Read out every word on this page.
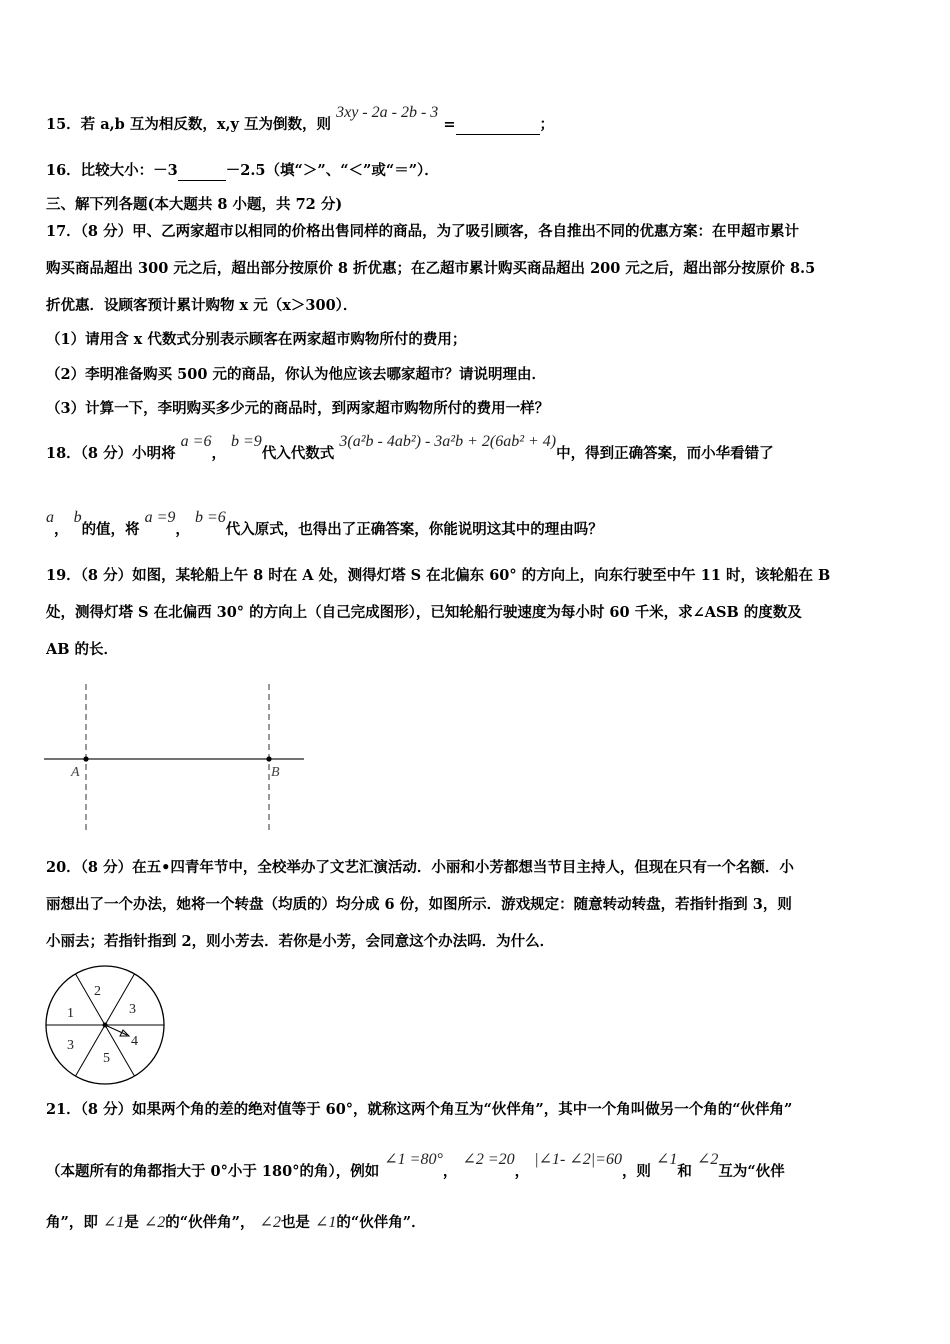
15．若 a,b 互为相反数，x,y 互为倒数，则 3xy - 2a - 2b - 3 =	；
16．比较大小：－3	－2.5（填“＞”、“＜”或“＝”）．
三、解下列各题(本大题共 8 小题，共 72 分)
17．（8 分）甲、乙两家超市以相同的价格出售同样的商品，为了吸引顾客，各自推出不同的优惠方案：在甲超市累计
购买商品超出 300 元之后，超出部分按原价 8 折优惠；在乙超市累计购买商品超出 200 元之后，超出部分按原价 8.5
折优惠．设顾客预计累计购物 x 元（x＞300）．
（1）请用含 x 代数式分别表示顾客在两家超市购物所付的费用；
（2）李明准备购买 500 元的商品，你认为他应该去哪家超市？请说明理由．
（3）计算一下，李明购买多少元的商品时，到两家超市购物所付的费用一样？
18．（8 分）小明将 a =6， b =9代入代数式 3(a²b - 4ab²) - 3a²b + 2(6ab² + 4)中，得到正确答案，而小华看错了
a， b的值，将 a =9， b =6代入原式，也得出了正确答案，你能说明这其中的理由吗？
19．（8 分）如图，某轮船上午 8 时在 A 处，测得灯塔 S 在北偏东 60° 的方向上，向东行驶至中午 11 时，该轮船在 B
处，测得灯塔 S 在北偏西 30° 的方向上（自己完成图形），已知轮船行驶速度为每小时 60 千米，求∠ASB 的度数及
AB 的长．
A	B
20．（8 分）在五•四青年节中，全校举办了文艺汇演活动．小丽和小芳都想当节目主持人，但现在只有一个名额．小
丽想出了一个办法，她将一个转盘（均质的）均分成 6 份，如图所示．游戏规定：随意转动转盘，若指针指到 3，则
小丽去；若指针指到 2，则小芳去．若你是小芳，会同意这个办法吗．为什么．
2
3
1
4
3
5
21．（8 分）如果两个角的差的绝对值等于 60°，就称这两个角互为“伙伴角”，其中一个角叫做另一个角的“伙伴角”
（本题所有的角都指大于 0°小于 180°的角），例如 ∠1 =80°， ∠2 =20， |∠1- ∠2|=60，则 ∠1和 ∠2互为“伙伴
角”，即 ∠1是 ∠2的“伙伴角”， ∠2也是 ∠1的“伙伴角”．
